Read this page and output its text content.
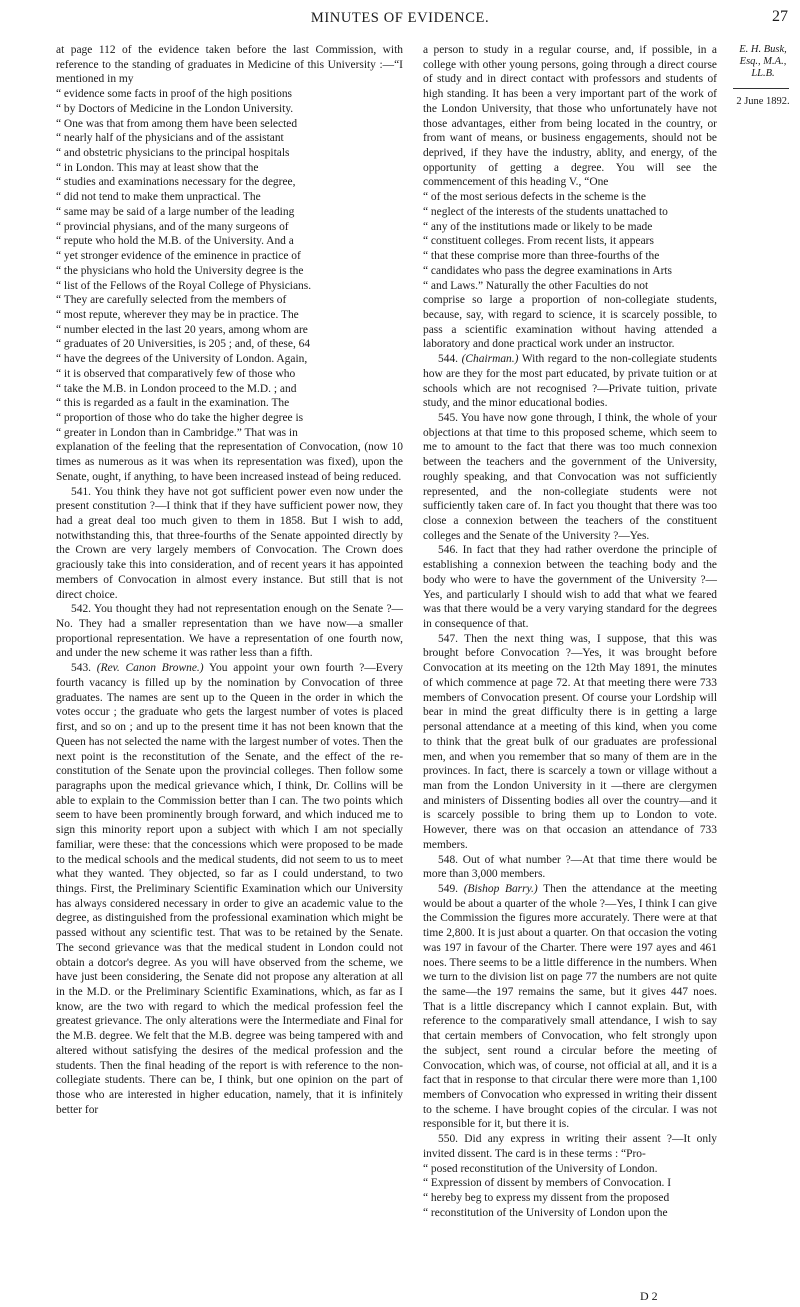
MINUTES OF EVIDENCE.	27

at page 112 of the evidence taken before the last Commission, with reference to the standing of graduates in Medicine of this University :—“I mentioned in my

“ evidence some facts in proof of the high positions
“ by Doctors of Medicine in the London University.
“ One was that from among them have been selected
“ nearly half of the physicians and of the assistant
“ and obstetric physicians to the principal hospitals
“ in London. This may at least show that the
“ studies and examinations necessary for the degree,
“ did not tend to make them unpractical. The
“ same may be said of a large number of the leading
“ provincial physians, and of the many surgeons of
“ repute who hold the M.B. of the University. And a
“ yet stronger evidence of the eminence in practice of
“ the physicians who hold the University degree is the
“ list of the Fellows of the Royal College of Physicians.
“ They are carefully selected from the members of
“ most repute, wherever they may be in practice. The
“ number elected in the last 20 years, among whom are
“ graduates of 20 Universities, is 205 ; and, of these, 64
“ have the degrees of the University of London. Again,
“ it is observed that comparatively few of those who
“ take the M.B. in London proceed to the M.D. ; and
“ this is regarded as a fault in the examination. The
“ proportion of those who do take the higher degree is
“ greater in London than in Cambridge.” That was in

explanation of the feeling that the representation of Convocation, (now 10 times as numerous as it was when its representation was fixed), upon the Senate, ought, if anything, to have been increased instead of being reduced.

541. You think they have not got sufficient power even now under the present constitution ?—I think that if they have sufficient power now, they had a great deal too much given to them in 1858. But I wish to add, notwithstanding this, that three-fourths of the Senate appointed directly by the Crown are very largely members of Convocation. The Crown does graciously take this into consideration, and of recent years it has appointed members of Convocation in almost every instance. But still that is not direct choice.

542. You thought they had not representation enough on the Senate ?—No. They had a smaller representation than we have now—a smaller proportional representation. We have a representation of one fourth now, and under the new scheme it was rather less than a fifth.

543. (Rev. Canon Browne.) You appoint your own fourth ?—Every fourth vacancy is filled up by the nomination by Convocation of three graduates. The names are sent up to the Queen in the order in which the votes occur ; the graduate who gets the largest number of votes is placed first, and so on ; and up to the present time it has not been known that the Queen has not selected the name with the largest number of votes. Then the next point is the reconstitution of the Senate, and the effect of the re-constitution of the Senate upon the provincial colleges. Then follow some paragraphs upon the medical grievance which, I think, Dr. Collins will be able to explain to the Commission better than I can. The two points which seem to have been prominently brough forward, and which induced me to sign this minority report upon a subject with which I am not specially familiar, were these: that the concessions which were proposed to be made to the medical schools and the medical students, did not seem to us to meet what they wanted. They objected, so far as I could understand, to two things. First, the Preliminary Scientific Examination which our University has always considered necessary in order to give an academic value to the degree, as distinguished from the professional examination which might be passed without any scientific test. That was to be retained by the Senate. The second grievance was that the medical student in London could not obtain a dotcor's degree. As you will have observed from the scheme, we have just been considering, the Senate did not propose any alteration at all in the M.D. or the Preliminary Scientific Examinations, which, as far as I know, are the two with regard to which the medical profession feel the greatest grievance. The only alterations were the Intermediate and Final for the M.B. degree. We felt that the M.B. degree was being tampered with and altered without satisfying the desires of the medical profession and the students. Then the final heading of the report is with reference to the non-collegiate students. There can be, I think, but one opinion on the part of those who are interested in higher education, namely, that it is infinitely better for

a person to study in a regular course, and, if possible, in a college with other young persons, going through a direct course of study and in direct contact with professors and students of high standing. It has been a very important part of the work of the London University, that those who unfortunately have not those advantages, either from being located in the country, or from want of means, or business engagements, should not be deprived, if they have the industry, ablity, and energy, of the opportunity of getting a degree. You will see the commencement of this heading V., “One

“ of the most serious defects in the scheme is the
“ neglect of the interests of the students unattached to
“ any of the institutions made or likely to be made
“ constituent colleges. From recent lists, it appears
“ that these comprise more than three-fourths of the
“ candidates who pass the degree examinations in Arts
“ and Laws.” Naturally the other Faculties do not

comprise so large a proportion of non-collegiate students, because, say, with regard to science, it is scarcely possible, to pass a scientific examination without having attended a laboratory and done practical work under an instructor.

544. (Chairman.) With regard to the non-collegiate students how are they for the most part educated, by private tuition or at schools which are not recognised ?—Private tuition, private study, and the minor educational bodies.

545. You have now gone through, I think, the whole of your objections at that time to this proposed scheme, which seem to me to amount to the fact that there was too much connexion between the teachers and the government of the University, roughly speaking, and that Convocation was not sufficiently represented, and the non-collegiate students were not sufficiently taken care of. In fact you thought that there was too close a connexion between the teachers of the constituent colleges and the Senate of the University ?—Yes.

546. In fact that they had rather overdone the principle of establishing a connexion between the teaching body and the body who were to have the government of the University ?—Yes, and particularly I should wish to add that what we feared was that there would be a very varying standard for the degrees in consequence of that.

547. Then the next thing was, I suppose, that this was brought before Convocation ?—Yes, it was brought before Convocation at its meeting on the 12th May 1891, the minutes of which commence at page 72. At that meeting there were 733 members of Convocation present. Of course your Lordship will bear in mind the great difficulty there is in getting a large personal attendance at a meeting of this kind, when you come to think that the great bulk of our graduates are professional men, and when you remember that so many of them are in the provinces. In fact, there is scarcely a town or village without a man from the London University in it —there are clergymen and ministers of Dissenting bodies all over the country—and it is scarcely possible to bring them up to London to vote. However, there was on that occasion an attendance of 733 members.

548. Out of what number ?—At that time there would be more than 3,000 members.

549. (Bishop Barry.) Then the attendance at the meeting would be about a quarter of the whole ?—Yes, I think I can give the Commission the figures more accurately. There were at that time 2,800. It is just about a quarter. On that occasion the voting was 197 in favour of the Charter. There were 197 ayes and 461 noes. There seems to be a little difference in the numbers. When we turn to the division list on page 77 the numbers are not quite the same—the 197 remains the same, but it gives 447 noes. That is a little discrepancy which I cannot explain. But, with reference to the comparatively small attendance, I wish to say that certain members of Convocation, who felt strongly upon the subject, sent round a circular before the meeting of Convocation, which was, of course, not official at all, and it is a fact that in response to that circular there were more than 1,100 members of Convocation who expressed in writing their dissent to the scheme. I have brought copies of the circular. I was not responsible for it, but there it is.

550. Did any express in writing their assent ?—It only invited dissent. The card is in these terms : “Pro-

“ posed reconstitution of the University of London.
“ Expression of dissent by members of Convocation. I
“ hereby beg to express my dissent from the proposed
“ reconstitution of the University of London upon the
E. H. Busk, Esq., M.A., LL.B.
2 June 1892.
D 2
